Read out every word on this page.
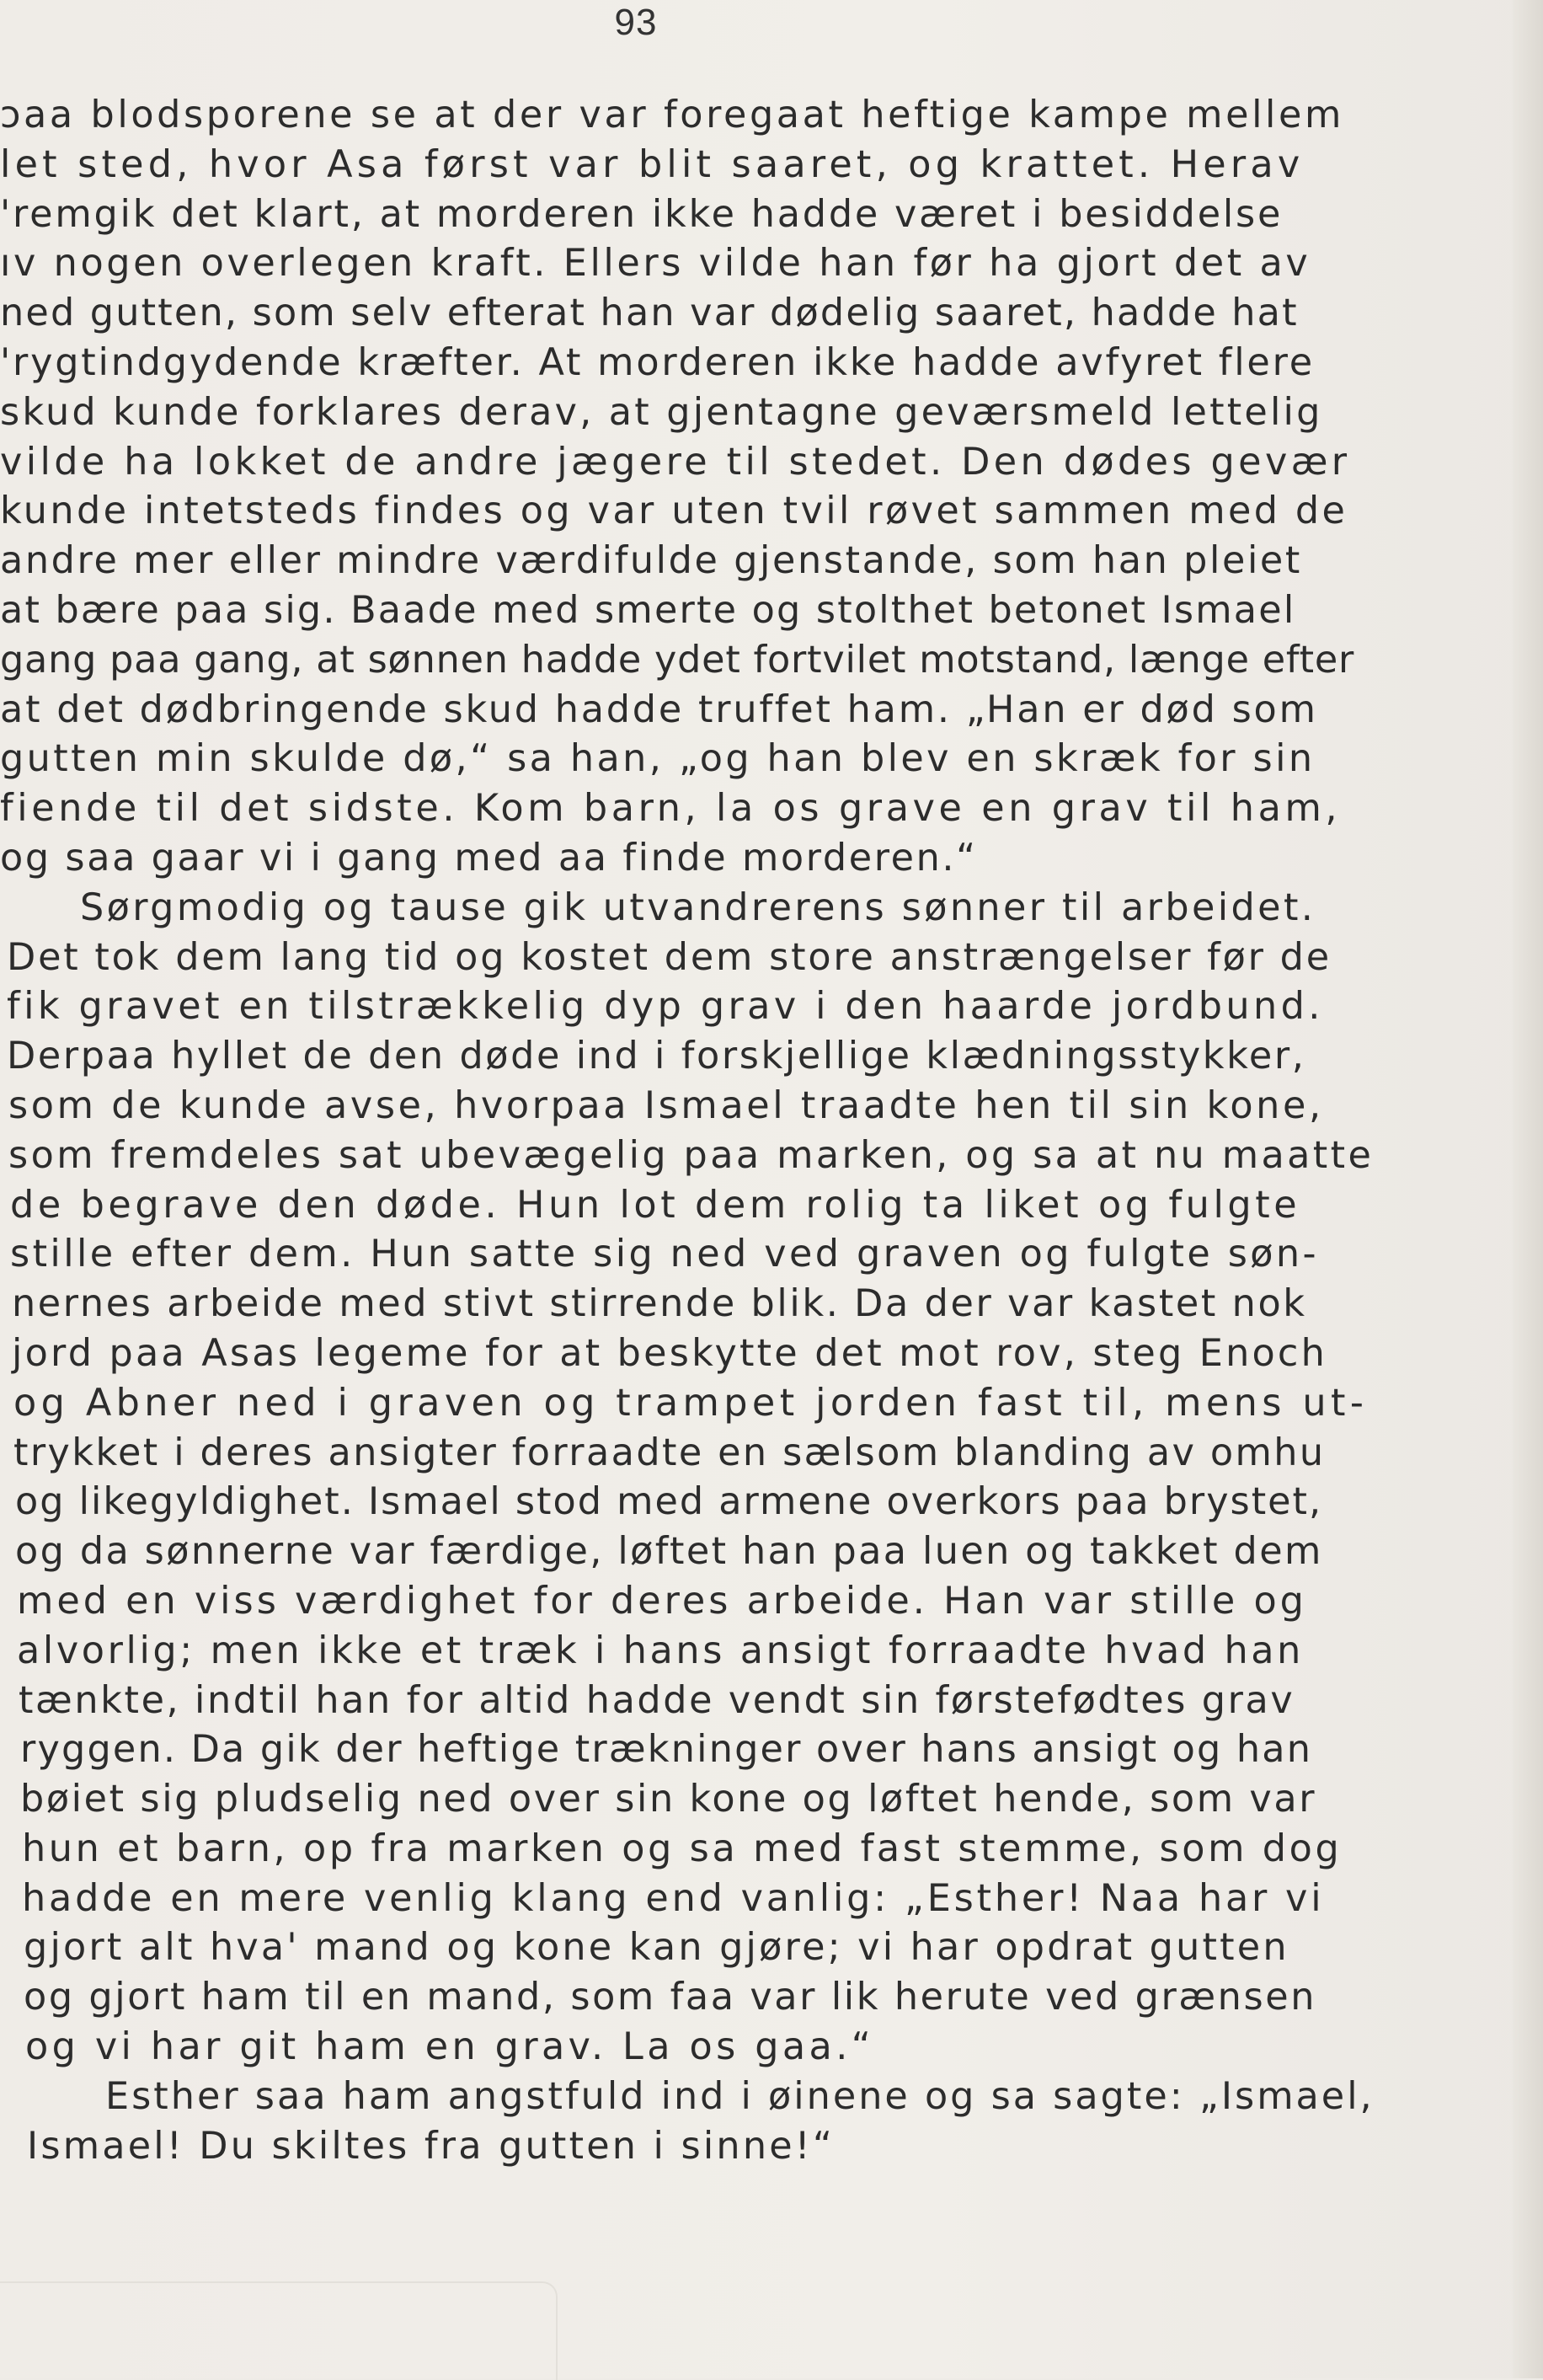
93
ɔaa blodsporene se at der var foregaat heftige kampe mellem
let sted, hvor Asa først var blit saaret, og krattet. Herav
'remgik det klart, at morderen ikke hadde været i besiddelse
ıv nogen overlegen kraft. Ellers vilde han før ha gjort det av
ned gutten, som selv efterat han var dødelig saaret, hadde hat
'rygtindgydende kræfter. At morderen ikke hadde avfyret flere
skud kunde forklares derav, at gjentagne geværsmeld lettelig
vilde ha lokket de andre jægere til stedet. Den dødes gevær
kunde intetsteds findes og var uten tvil røvet sammen med de
andre mer eller mindre værdifulde gjenstande, som han pleiet
at bære paa sig. Baade med smerte og stolthet betonet Ismael
gang paa gang, at sønnen hadde ydet fortvilet motstand, længe efter
at det dødbringende skud hadde truffet ham. „Han er død som
gutten min skulde dø,“ sa han, „og han blev en skræk for sin
fiende til det sidste. Kom barn, la os grave en grav til ham,
og saa gaar vi i gang med aa finde morderen.“
Sørgmodig og tause gik utvandrerens sønner til arbeidet.
Det tok dem lang tid og kostet dem store anstrængelser før de
fik gravet en tilstrækkelig dyp grav i den haarde jordbund.
Derpaa hyllet de den døde ind i forskjellige klædningsstykker,
som de kunde avse, hvorpaa Ismael traadte hen til sin kone,
som fremdeles sat ubevægelig paa marken, og sa at nu maatte
de begrave den døde. Hun lot dem rolig ta liket og fulgte
stille efter dem. Hun satte sig ned ved graven og fulgte søn-
nernes arbeide med stivt stirrende blik. Da der var kastet nok
jord paa Asas legeme for at beskytte det mot rov, steg Enoch
og Abner ned i graven og trampet jorden fast til, mens ut-
trykket i deres ansigter forraadte en sælsom blanding av omhu
og likegyldighet. Ismael stod med armene overkors paa brystet,
og da sønnerne var færdige, løftet han paa luen og takket dem
med en viss værdighet for deres arbeide. Han var stille og
alvorlig; men ikke et træk i hans ansigt forraadte hvad han
tænkte, indtil han for altid hadde vendt sin førstefødtes grav
ryggen. Da gik der heftige trækninger over hans ansigt og han
bøiet sig pludselig ned over sin kone og løftet hende, som var
hun et barn, op fra marken og sa med fast stemme, som dog
hadde en mere venlig klang end vanlig: „Esther! Naa har vi
gjort alt hva' mand og kone kan gjøre; vi har opdrat gutten
og gjort ham til en mand, som faa var lik herute ved grænsen
og vi har git ham en grav. La os gaa.“
Esther saa ham angstfuld ind i øinene og sa sagte: „Ismael,
Ismael! Du skiltes fra gutten i sinne!“
